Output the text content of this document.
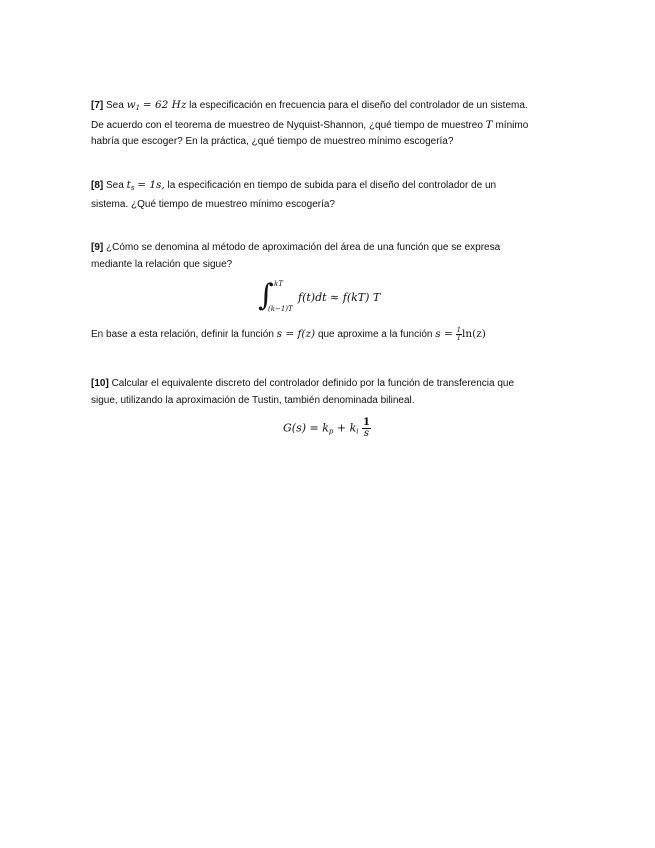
[7] Sea $w_1 = 62$ Hz la especificación en frecuencia para el diseño del controlador de un sistema.
De acuerdo con el teorema de muestreo de Nyquist-Shannon, ¿qué tiempo de muestreo T mínimo
habría que escoger? En la práctica, ¿qué tiempo de muestreo mínimo escogería?
[8] Sea $t_s = 1s$, la especificación en tiempo de subida para el diseño del controlador de un
sistema. ¿Qué tiempo de muestreo mínimo escogería?
[9] ¿Cómo se denomina al método de aproximación del área de una función que se expresa
mediante la relación que sigue?
∫ kT
(k−1)T
f(t)dt ≈ f(kT) T
En base a esta relación, definir la función s = f(z) que aproxime a la función $s = \frac{1}{T} \ln(z)$
[10] Calcular el equivalente discreto del controlador definido por la función de transferencia que
sigue, utilizando la aproximación de Tustin, también denominada bilineal.
$G(s) = k_p + k_i \frac{1}{s}$
